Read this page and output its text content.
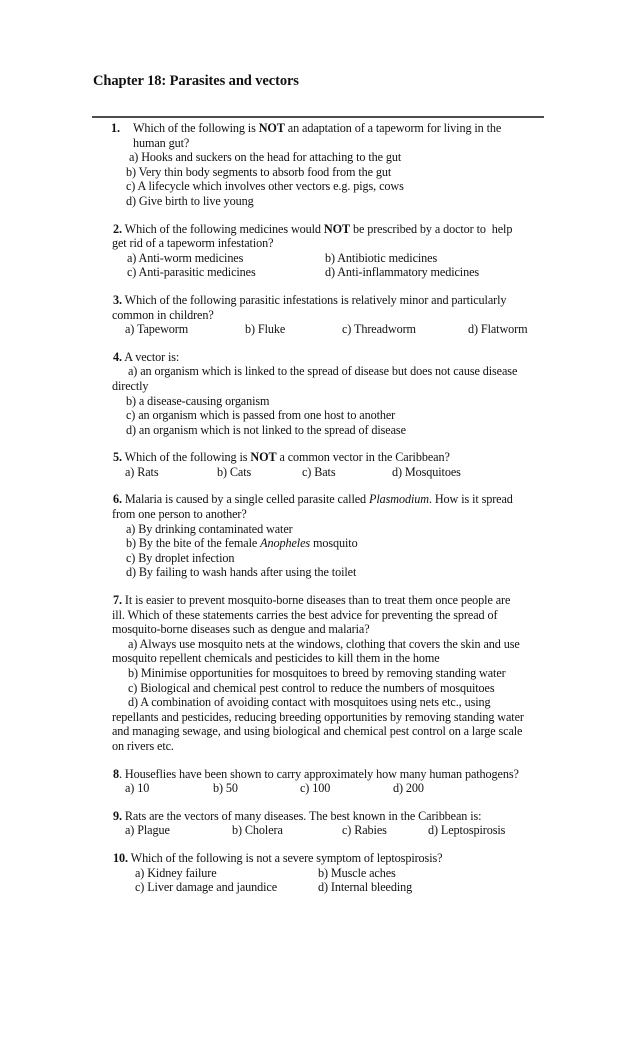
Chapter 18: Parasites and vectors
1. Which of the following is NOT an adaptation of a tapeworm for living in the
human gut?
a) Hooks and suckers on the head for attaching to the gut
b) Very thin body segments to absorb food from the gut
c) A lifecycle which involves other vectors e.g. pigs, cows
d) Give birth to live young
2. Which of the following medicines would NOT be prescribed by a doctor to  help
get rid of a tapeworm infestation?
a) Anti-worm medicines	b) Antibiotic medicines
c) Anti-parasitic medicines	d) Anti-inflammatory medicines
3. Which of the following parasitic infestations is relatively minor and particularly
common in children?
a) Tapeworm	b) Fluke	c) Threadworm	d) Flatworm
4. A vector is:
a) an organism which is linked to the spread of disease but does not cause disease
directly
b) a disease-causing organism
c) an organism which is passed from one host to another
d) an organism which is not linked to the spread of disease
5. Which of the following is NOT a common vector in the Caribbean?
a) Rats	b) Cats	c) Bats	d) Mosquitoes
6. Malaria is caused by a single celled parasite called Plasmodium. How is it spread
from one person to another?
a) By drinking contaminated water
b) By the bite of the female Anopheles mosquito
c) By droplet infection
d) By failing to wash hands after using the toilet
7. It is easier to prevent mosquito-borne diseases than to treat them once people are
ill. Which of these statements carries the best advice for preventing the spread of
mosquito-borne diseases such as dengue and malaria?
a) Always use mosquito nets at the windows, clothing that covers the skin and use
mosquito repellent chemicals and pesticides to kill them in the home
b) Minimise opportunities for mosquitoes to breed by removing standing water
c) Biological and chemical pest control to reduce the numbers of mosquitoes
d) A combination of avoiding contact with mosquitoes using nets etc., using
repellants and pesticides, reducing breeding opportunities by removing standing water
and managing sewage, and using biological and chemical pest control on a large scale
on rivers etc.
8. Houseflies have been shown to carry approximately how many human pathogens?
a) 10	b) 50	c) 100	d) 200
9. Rats are the vectors of many diseases. The best known in the Caribbean is:
a) Plague	b) Cholera	c) Rabies	d) Leptospirosis
10. Which of the following is not a severe symptom of leptospirosis?
a) Kidney failure	b) Muscle aches
c) Liver damage and jaundice	d) Internal bleeding
